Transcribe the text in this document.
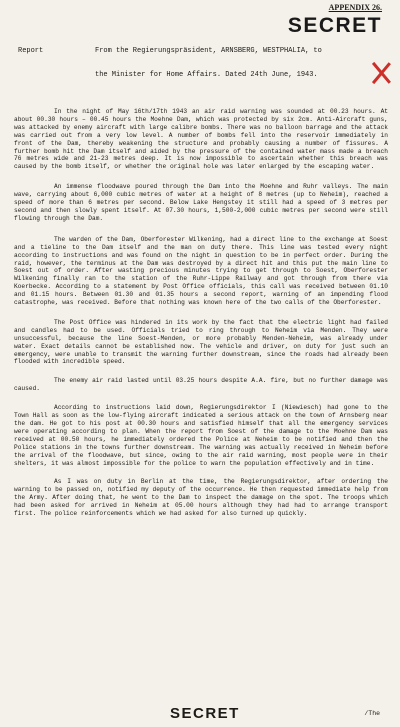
APPENDIX 26.
SECRET
Report	From the Regierungspräsident, ARNSBERG, WESTPHALIA, to
the Minister for Home Affairs. Dated 24th June, 1943.

In the night of May 16th/17th 1943 an air raid warning was sounded at 00.23 hours. At about 00.30 hours – 00.45 hours the Moehne Dam, which was protected by six 2cm. Anti-Aircraft guns, was attacked by enemy aircraft with large calibre bombs. There was no balloon barrage and the attack was carried out from a very low level. A number of bombs fell into the reservoir immediately in front of the Dam, thereby weakening the structure and probably causing a number of fissures. A further bomb hit the Dam itself and aided by the pressure of the contained water mass made a breach 76 metres wide and 21-23 metres deep. It is now impossible to ascertain whether this breach was caused by the bomb itself, or whether the original hole was later enlarged by the escaping water.

An immense floodwave poured through the Dam into the Moehne and Ruhr valleys. The main wave, carrying about 6,000 cubic metres of water at a height of 8 metres (up to Neheim), reached a speed of more than 6 metres per second. Below Lake Hengstey it still had a speed of 3 metres per second and then slowly spent itself. At 07.30 hours, 1,500-2,000 cubic metres per second were still flowing through the Dam.

The warden of the Dam, Oberforester Wilkening, had a direct line to the exchange at Soest and a tieline to the Dam itself and the man on duty there. This line was tested every night according to instructions and was found on the night in question to be in perfect order. During the raid, however, the terminus at the Dam was destroyed by a direct hit and this put the main line to Soest out of order. After wasting precious minutes trying to get through to Soest, Oberforester Wilkening finally ran to the station of the Ruhr-Lippe Railway and got through from there via Koerbecke. According to a statement by Post Office officials, this call was received between 01.10 and 01.15 hours. Between 01.30 and 01.35 hours a second report, warning of an impending flood catastrophe, was received. Before that nothing was known here of the two calls of the Oberforester.

The Post Office was hindered in its work by the fact that the electric light had failed and candles had to be used. Officials tried to ring through to Neheim via Menden. They were unsuccessful, because the line Soest-Menden, or more probably Menden-Neheim, was already under water. Exact details cannot be established now. The vehicle and driver, on duty for just such an emergency, were unable to transmit the warning further downstream, since the roads had already been flooded with incredible speed.

The enemy air raid lasted until 03.25 hours despite A.A. fire, but no further damage was caused.

According to instructions laid down, Regierungsdirektor I (Niewiesch) had gone to the Town Hall as soon as the low-flying aircraft indicated a serious attack on the town of Arnsberg near the dam. He got to his post at 00.30 hours and satisfied himself that all the emergency services were operating according to plan. When the report from Soest of the damage to the Moehne Dam was received at 00.50 hours, he immediately ordered the Police at Neheim to be notified and then the Police stations in the towns further downstream. The warning was actually received in Neheim before the arrival of the floodwave, but since, owing to the air raid warning, most people were in their shelters, it was almost impossible for the police to warn the population effectively and in time.

As I was on duty in Berlin at the time, the Regierungsdirektor, after ordering the warning to be passed on, notified my deputy of the occurrence. He then requested immediate help from the Army. After doing that, he went to the Dam to inspect the damage on the spot. The troops which had been asked for arrived in Neheim at 05.00 hours although they had had to arrange transport first. The police reinforcements which we had asked for also turned up quickly.

SECRET	/The
